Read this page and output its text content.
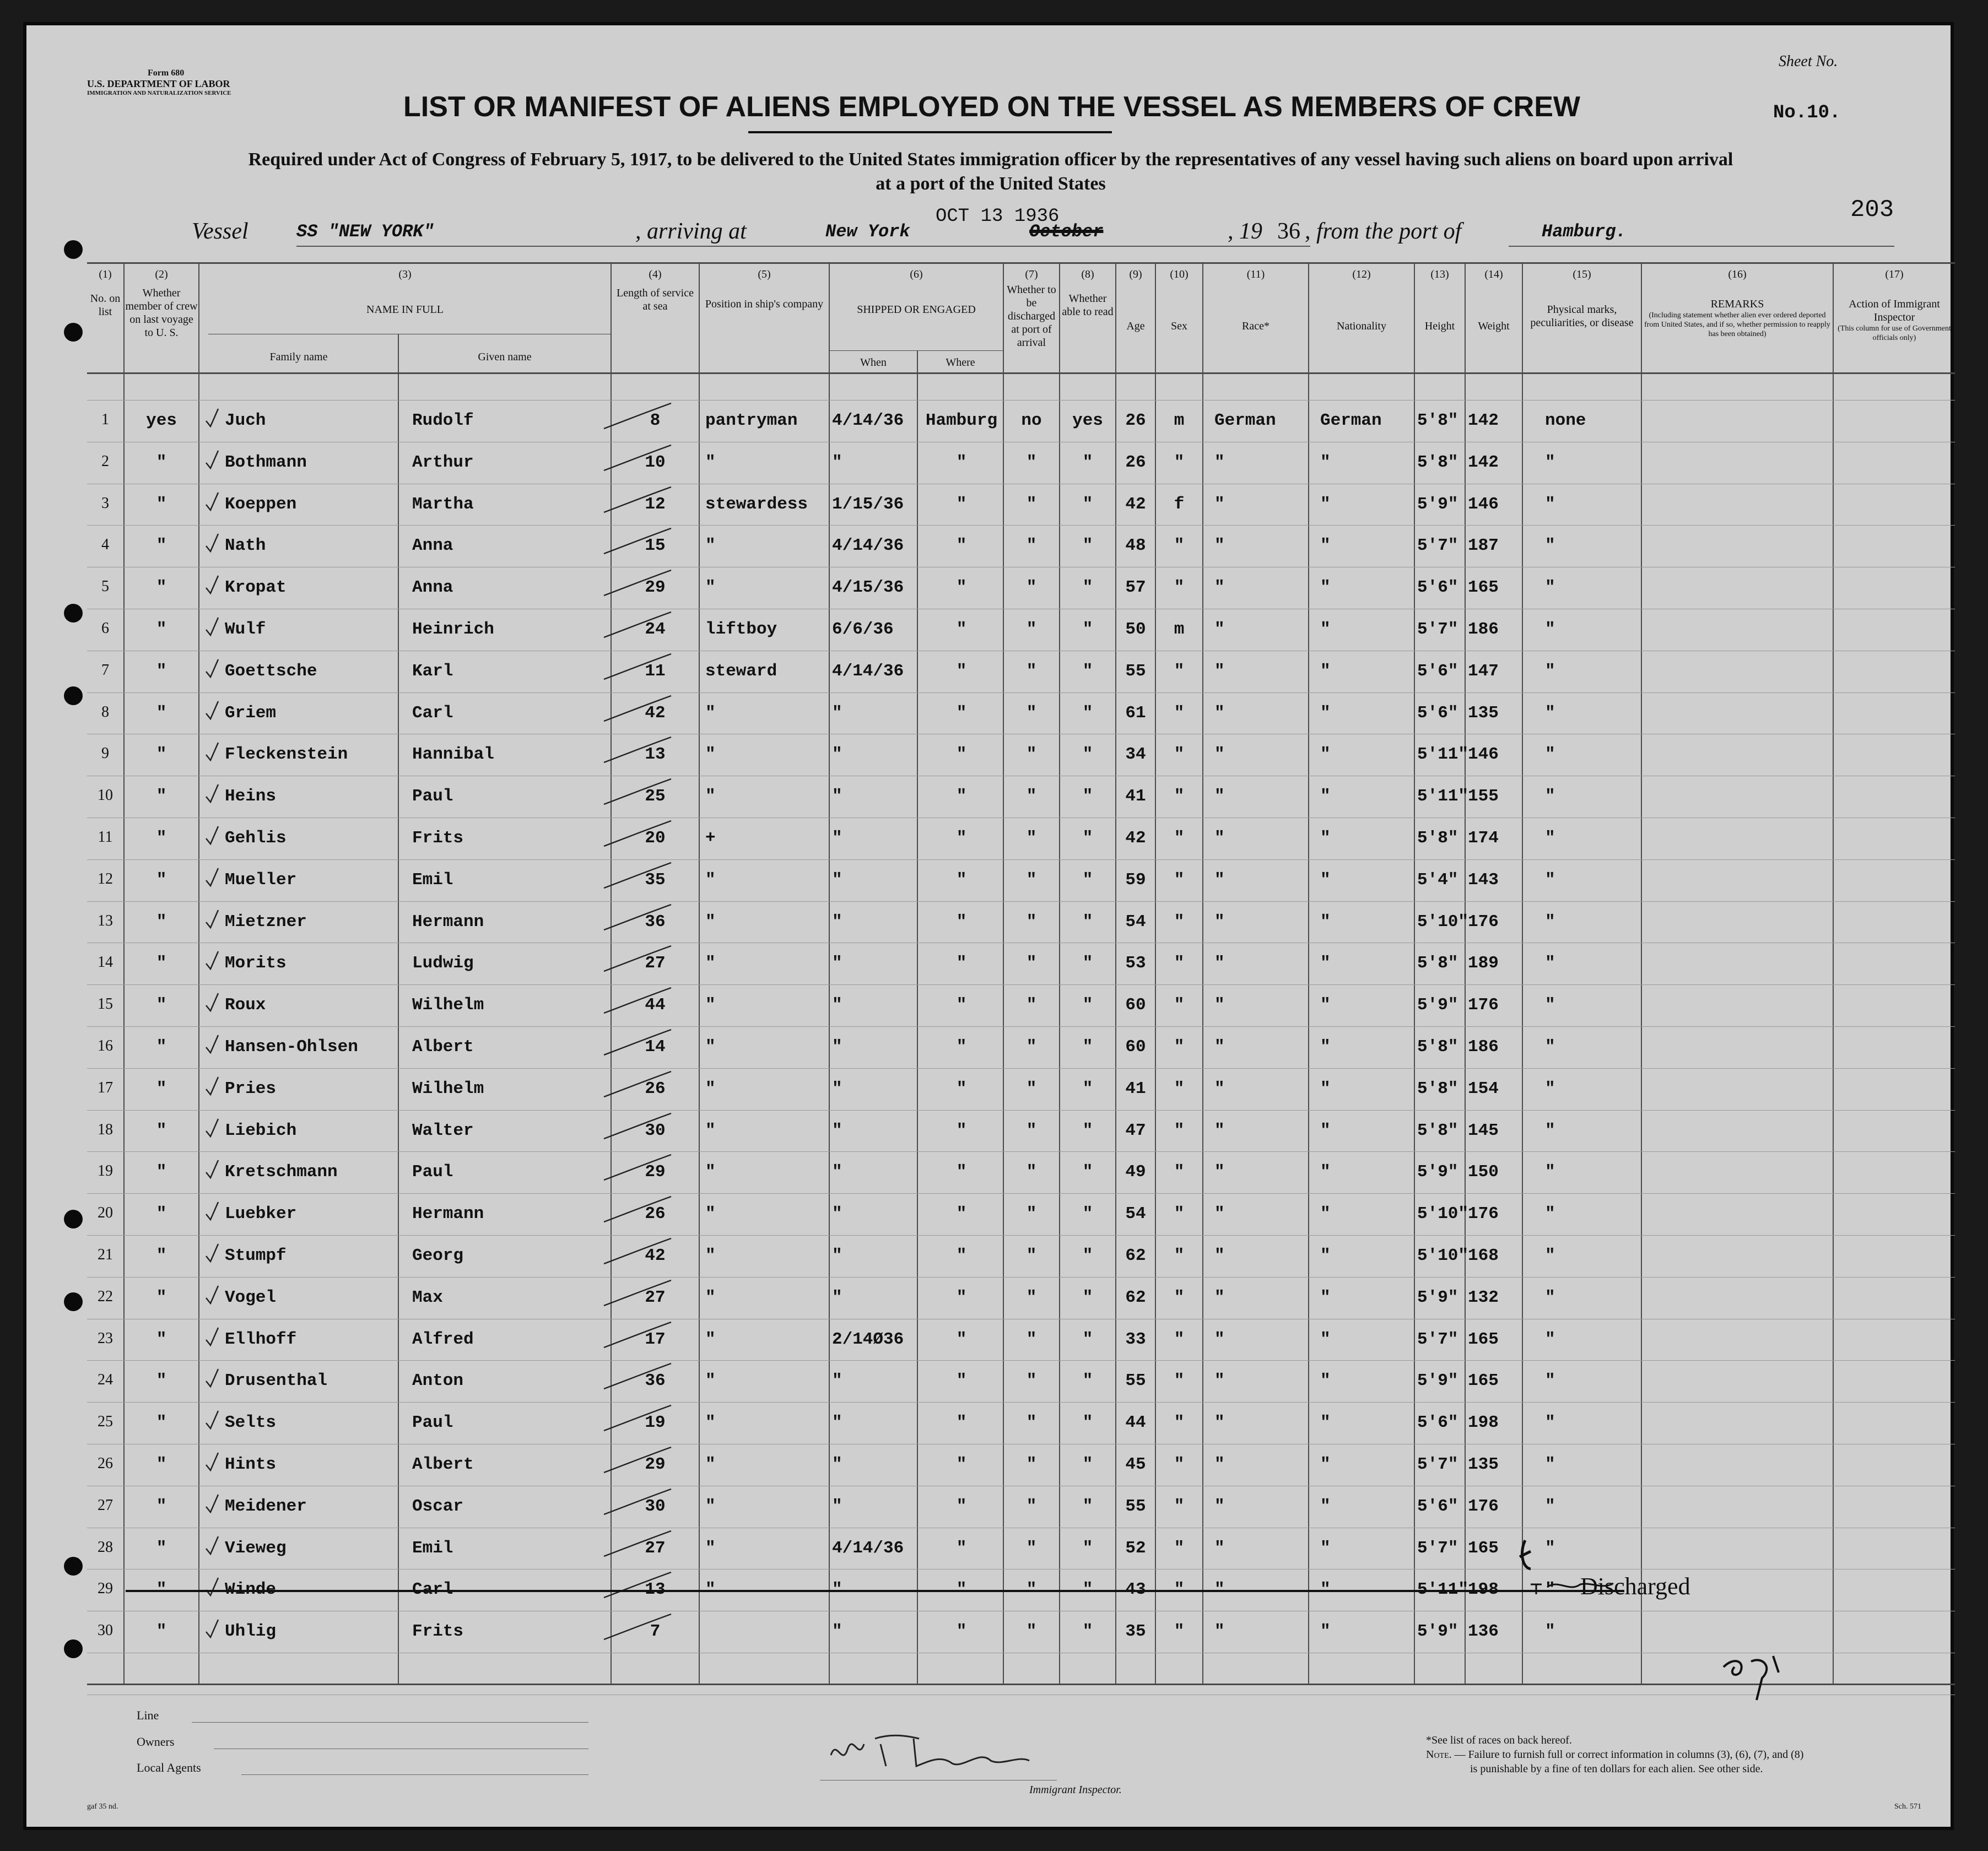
Form 680
U.S. DEPARTMENT OF LABOR
IMMIGRATION AND NATURALIZATION SERVICE
Sheet No.
No.10.
203
LIST OR MANIFEST OF ALIENS EMPLOYED ON THE VESSEL AS MEMBERS OF CREW
Required under Act of Congress of February 5, 1917, to be delivered to the United States immigration officer by the representatives of any vessel having such aliens on board upon arrival
at a port of the United States
Vessel	SS "NEW YORK"	, arriving at	New York
OCT 13 1936
October	, 19 36 , from the port of	Hamburg.
(1)
No. on list
(2)
Whether member of crew on last voyage to U. S.
(3)
NAME IN FULL
Family name	Given name
(4)
Length of service at sea
(5)
Position in ship's company
(6)
SHIPPED OR ENGAGED
When	Where
(7)
Whether to be discharged at port of arrival
(8)
Whether able to read
(9)
Age
(10)
Sex
(11)
Race*
(12)
Nationality
(13)
Height
(14)
Weight
(15)
Physical marks, peculiarities, or disease
(16)
REMARKS
(Including statement whether alien ever ordered deported from United States, and if so, whether permission to reapply has been obtained)
(17)
Action of Immigrant Inspector
(This column for use of Government officials only)
1	yes	Juch	Rudolf	8	pantryman	4/14/36	Hamburg	no	yes	26	m	German	German	5'8" 142	none
2	"	Bothmann	Arthur	10	"	"	"	"	"	26	"	"	"	5'8" 142	"
3	"	Koeppen	Martha	12	stewardess	1/15/36	"	"	"	42	f	"	"	5'9" 146	"
4	"	Nath	Anna	15	"	4/14/36	"	"	"	48	"	"	"	5'7" 187	"
5	"	Kropat	Anna	29	"	4/15/36	"	"	"	57	"	"	"	5'6" 165	"
6	"	Wulf	Heinrich	24	liftboy	6/6/36	"	"	"	50	m	"	"	5'7" 186	"
7	"	Goettsche	Karl	11	steward	4/14/36	"	"	"	55	"	"	"	5'6" 147	"
8	"	Griem	Carl	42	"	"	"	"	"	61	"	"	"	5'6" 135	"
9	"	Fleckenstein	Hannibal	13	"	"	"	"	"	34	"	"	"	5'11"
146	"
10	"	Heins	Paul	25	"	"	"	"	"	41	"	"	"	5'11"
155	"
11	"	Gehlis	Frits	20	+	"	"	"	"	42	"	"	"	5'8" 174	"
12	"	Mueller	Emil	35	"	"	"	"	"	59	"	"	"	5'4" 143	"
13	"	Mietzner	Hermann	36	"	"	"	"	"	54	"	"	"	5'10"
176	"
14	"	Morits	Ludwig	27	"	"	"	"	"	53	"	"	"	5'8" 189	"
15	"	Roux	Wilhelm	44	"	"	"	"	"	60	"	"	"	5'9" 176	"
16	"	Hansen-Ohlsen	Albert	14	"	"	"	"	"	60	"	"	"	5'8" 186	"
17	"	Pries	Wilhelm	26	"	"	"	"	"	41	"	"	"	5'8" 154	"
18	"	Liebich	Walter	30	"	"	"	"	"	47	"	"	"	5'8" 145	"
19	"	Kretschmann	Paul	29	"	"	"	"	"	49	"	"	"	5'9" 150	"
20	"	Luebker	Hermann	26	"	"	"	"	"	54	"	"	"	5'10"
176	"
21	"	Stumpf	Georg	42	"	"	"	"	"	62	"	"	"	5'10"
168	"
22	"	Vogel	Max	27	"	"	"	"	"	62	"	"	"	5'9" 132	"
23	"	Ellhoff	Alfred	17	"	2/14Ø36	"	"	"	33	"	"	"	5'7" 165	"
24	"	Drusenthal	Anton	36	"	"	"	"	"	55	"	"	"	5'9" 165	"
25	"	Selts	Paul	19	"	"	"	"	"	44	"	"	"	5'6" 198	"
26	"	Hints	Albert	29	"	"	"	"	"	45	"	"	"	5'7" 135	"
27	"	Meidener	Oscar	30	"	"	"	"	"	55	"	"	"	5'6" 176	"
28	"	Vieweg	Emil	27	"	4/14/36	"	"	"	52	"	"	"	5'7" 165	"
29
30	"	Uhlig	Frits	7	"	"	"	"	35	"	"	"	5'9" 136	"
Discharged
Line
Owners
Local Agents
Immigrant Inspector.
*See list of races on back hereof.
Note. — Failure to furnish full or correct information in columns (3), (6), (7), and (8)
is punishable by a fine of ten dollars for each alien. See other side.
gaf 35 nd.	Sch. 571
